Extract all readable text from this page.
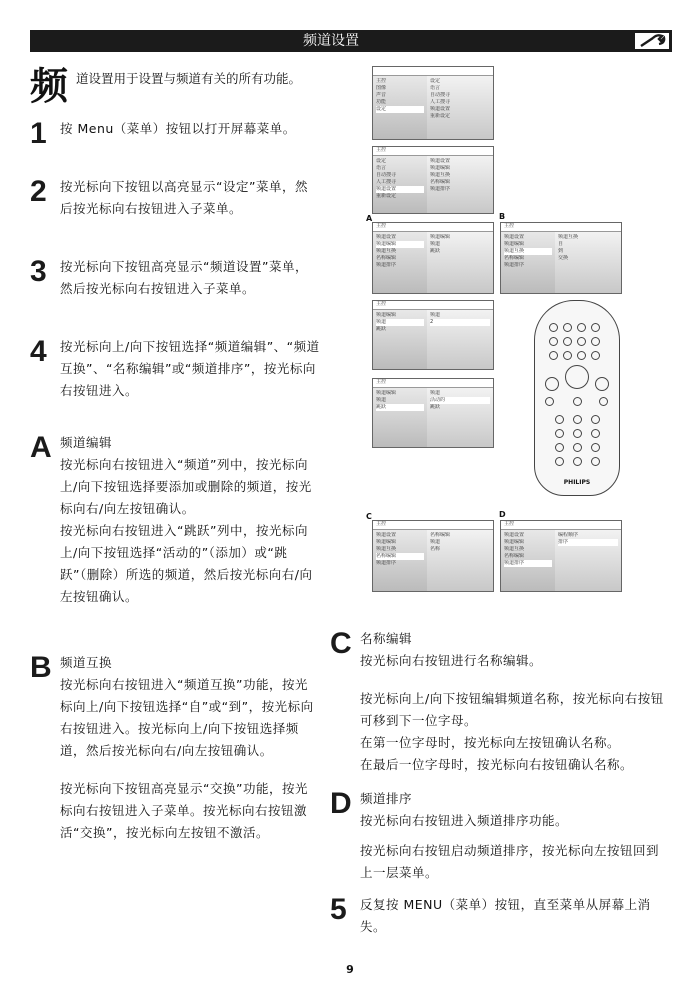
频道设置
频 道设置用于设置与频道有关的所有功能。
1	按 Menu（菜单）按钮以打开屏幕菜单。
2	按光标向下按钮以高亮显示“设定”菜单，然后按光标向右按钮进入子菜单。
3	按光标向下按钮高亮显示“频道设置”菜单，然后按光标向右按钮进入子菜单。
4	按光标向上/向下按钮选择“频道编辑”、“频道互换”、“名称编辑”或“频道排序”，按光标向右按钮进入。
A 频道编辑
按光标向右按钮进入“频道”列中，按光标向上/向下按钮选择要添加或删除的频道，按光标向右/向左按钮确认。
按光标向右按钮进入“跳跃”列中，按光标向上/向下按钮选择“活动的”（添加）或“跳跃”（删除）所选的频道，然后按光标向右/向左按钮确认。
B 频道互换
按光标向右按钮进入“频道互换”功能，按光标向上/向下按钮选择“自”或“到”，按光标向右按钮进入。按光标向上/向下按钮选择频道，然后按光标向右/向左按钮确认。
按光标向下按钮高亮显示“交换”功能，按光标向右按钮进入子菜单。按光标向右按钮激活“交换”，按光标向左按钮不激活。
主控
图像
声音
功能
设定
设定
语言
自动搜寻
人工搜寻
频道设置
重新设定
主控
设定
语言
自动搜寻
人工搜寻
频道设置
重新设定
频道设置
频道编辑
频道互换
名称编辑
频道排序
A	B
主控
频道设置
频道编辑
频道互换
名称编辑
频道排序
频道编辑
频道
跳跃
主控
频道设置
频道编辑
频道互换
名称编辑
频道排序
频道互换
自
到
交换
主控
频道编辑
频道
跳跃
频道
2
主控
频道编辑
频道
跳跃
频道
活动的
跳跃
PHILIPS
C	D
主控
频道设置
频道编辑
频道互换
名称编辑
频道排序
名称编辑
频道
名称
主控
频道设置
频道编辑
频道互换
名称编辑
频道排序
编程顺序
排序
C 名称编辑
按光标向右按钮进行名称编辑。
按光标向上/向下按钮编辑频道名称，按光标向右按钮可移到下一位字母。
在第一位字母时，按光标向左按钮确认名称。
在最后一位字母时，按光标向右按钮确认名称。
D 频道排序
按光标向右按钮进入频道排序功能。
按光标向右按钮启动频道排序，按光标向左按钮回到上一层菜单。
5	反复按 MENU（菜单）按钮，直至菜单从屏幕上消失。
9
